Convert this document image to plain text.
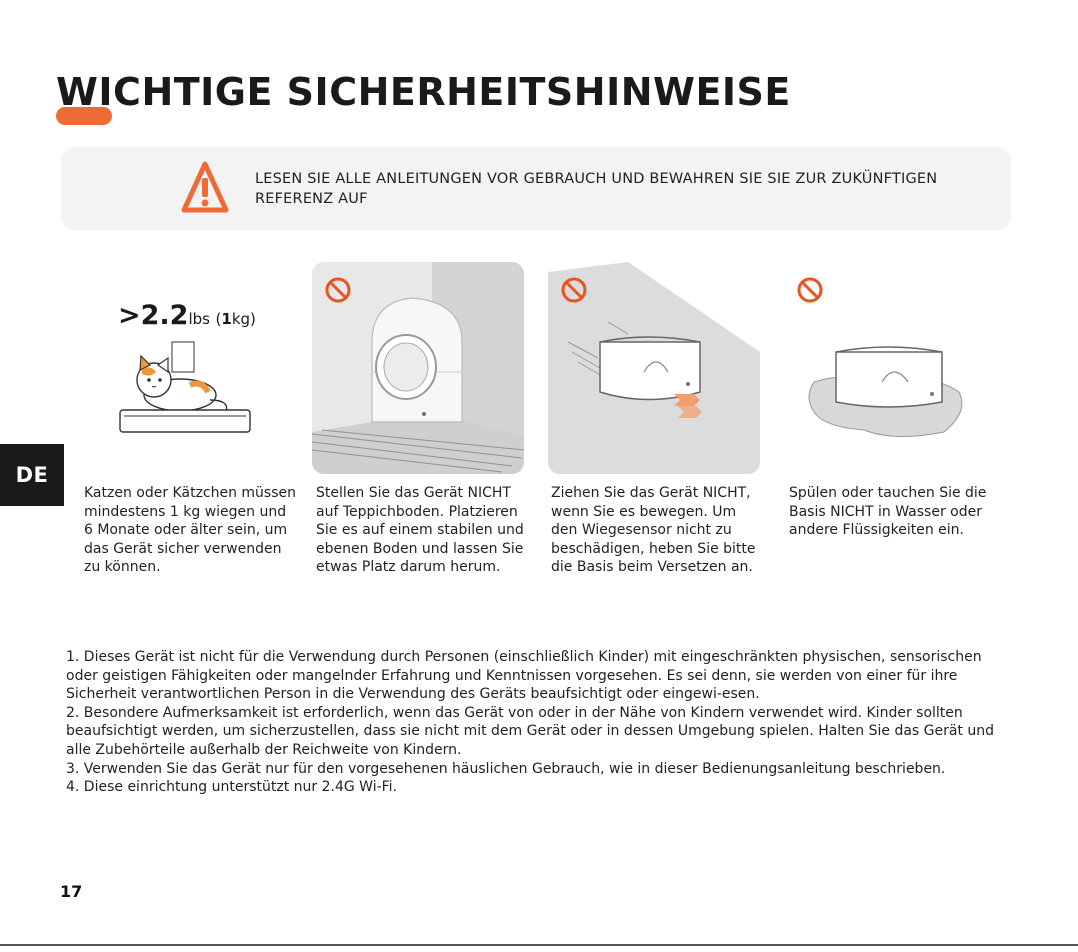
WICHTIGE SICHERHEITSHINWEISE
LESEN SIE ALLE ANLEITUNGEN VOR GEBRAUCH UND BEWAHREN SIE SIE ZUR ZUKÜNFTIGEN REFERENZ AUF
>2.2lbs (1kg)
DE
Katzen oder Kätzchen müssen mindestens 1 kg wiegen und 6 Monate oder älter sein, um das Gerät sicher verwenden zu können.
Stellen Sie das Gerät NICHT auf Teppichboden. Platzieren Sie es auf einem stabilen und ebenen Boden und lassen Sie etwas Platz darum herum.
Ziehen Sie das Gerät NICHT, wenn Sie es bewegen. Um den Wiegesensor nicht zu beschädigen, heben Sie bitte die Basis beim Versetzen an.
Spülen oder tauchen Sie die Basis NICHT in Wasser oder andere Flüssigkeiten ein.

1. Dieses Gerät ist nicht für die Verwendung durch Personen (einschließlich Kinder) mit eingeschränkten physischen, sensorischen oder geistigen Fähigkeiten oder mangelnder Erfahrung und Kenntnissen vorgesehen. Es sei denn, sie werden von einer für ihre Sicherheit verantwortlichen Person in die Verwendung des Geräts beaufsichtigt oder eingewi-esen.

2. Besondere Aufmerksamkeit ist erforderlich, wenn das Gerät von oder in der Nähe von Kindern verwendet wird. Kinder sollten beaufsichtigt werden, um sicherzustellen, dass sie nicht mit dem Gerät oder in dessen Umgebung spielen. Halten Sie das Gerät und alle Zubehörteile außerhalb der Reichweite von Kindern.

3. Verwenden Sie das Gerät nur für den vorgesehenen häuslichen Gebrauch, wie in dieser Bedienungsanleitung beschrieben.

4. Diese einrichtung unterstützt nur 2.4G Wi-Fi.

17
